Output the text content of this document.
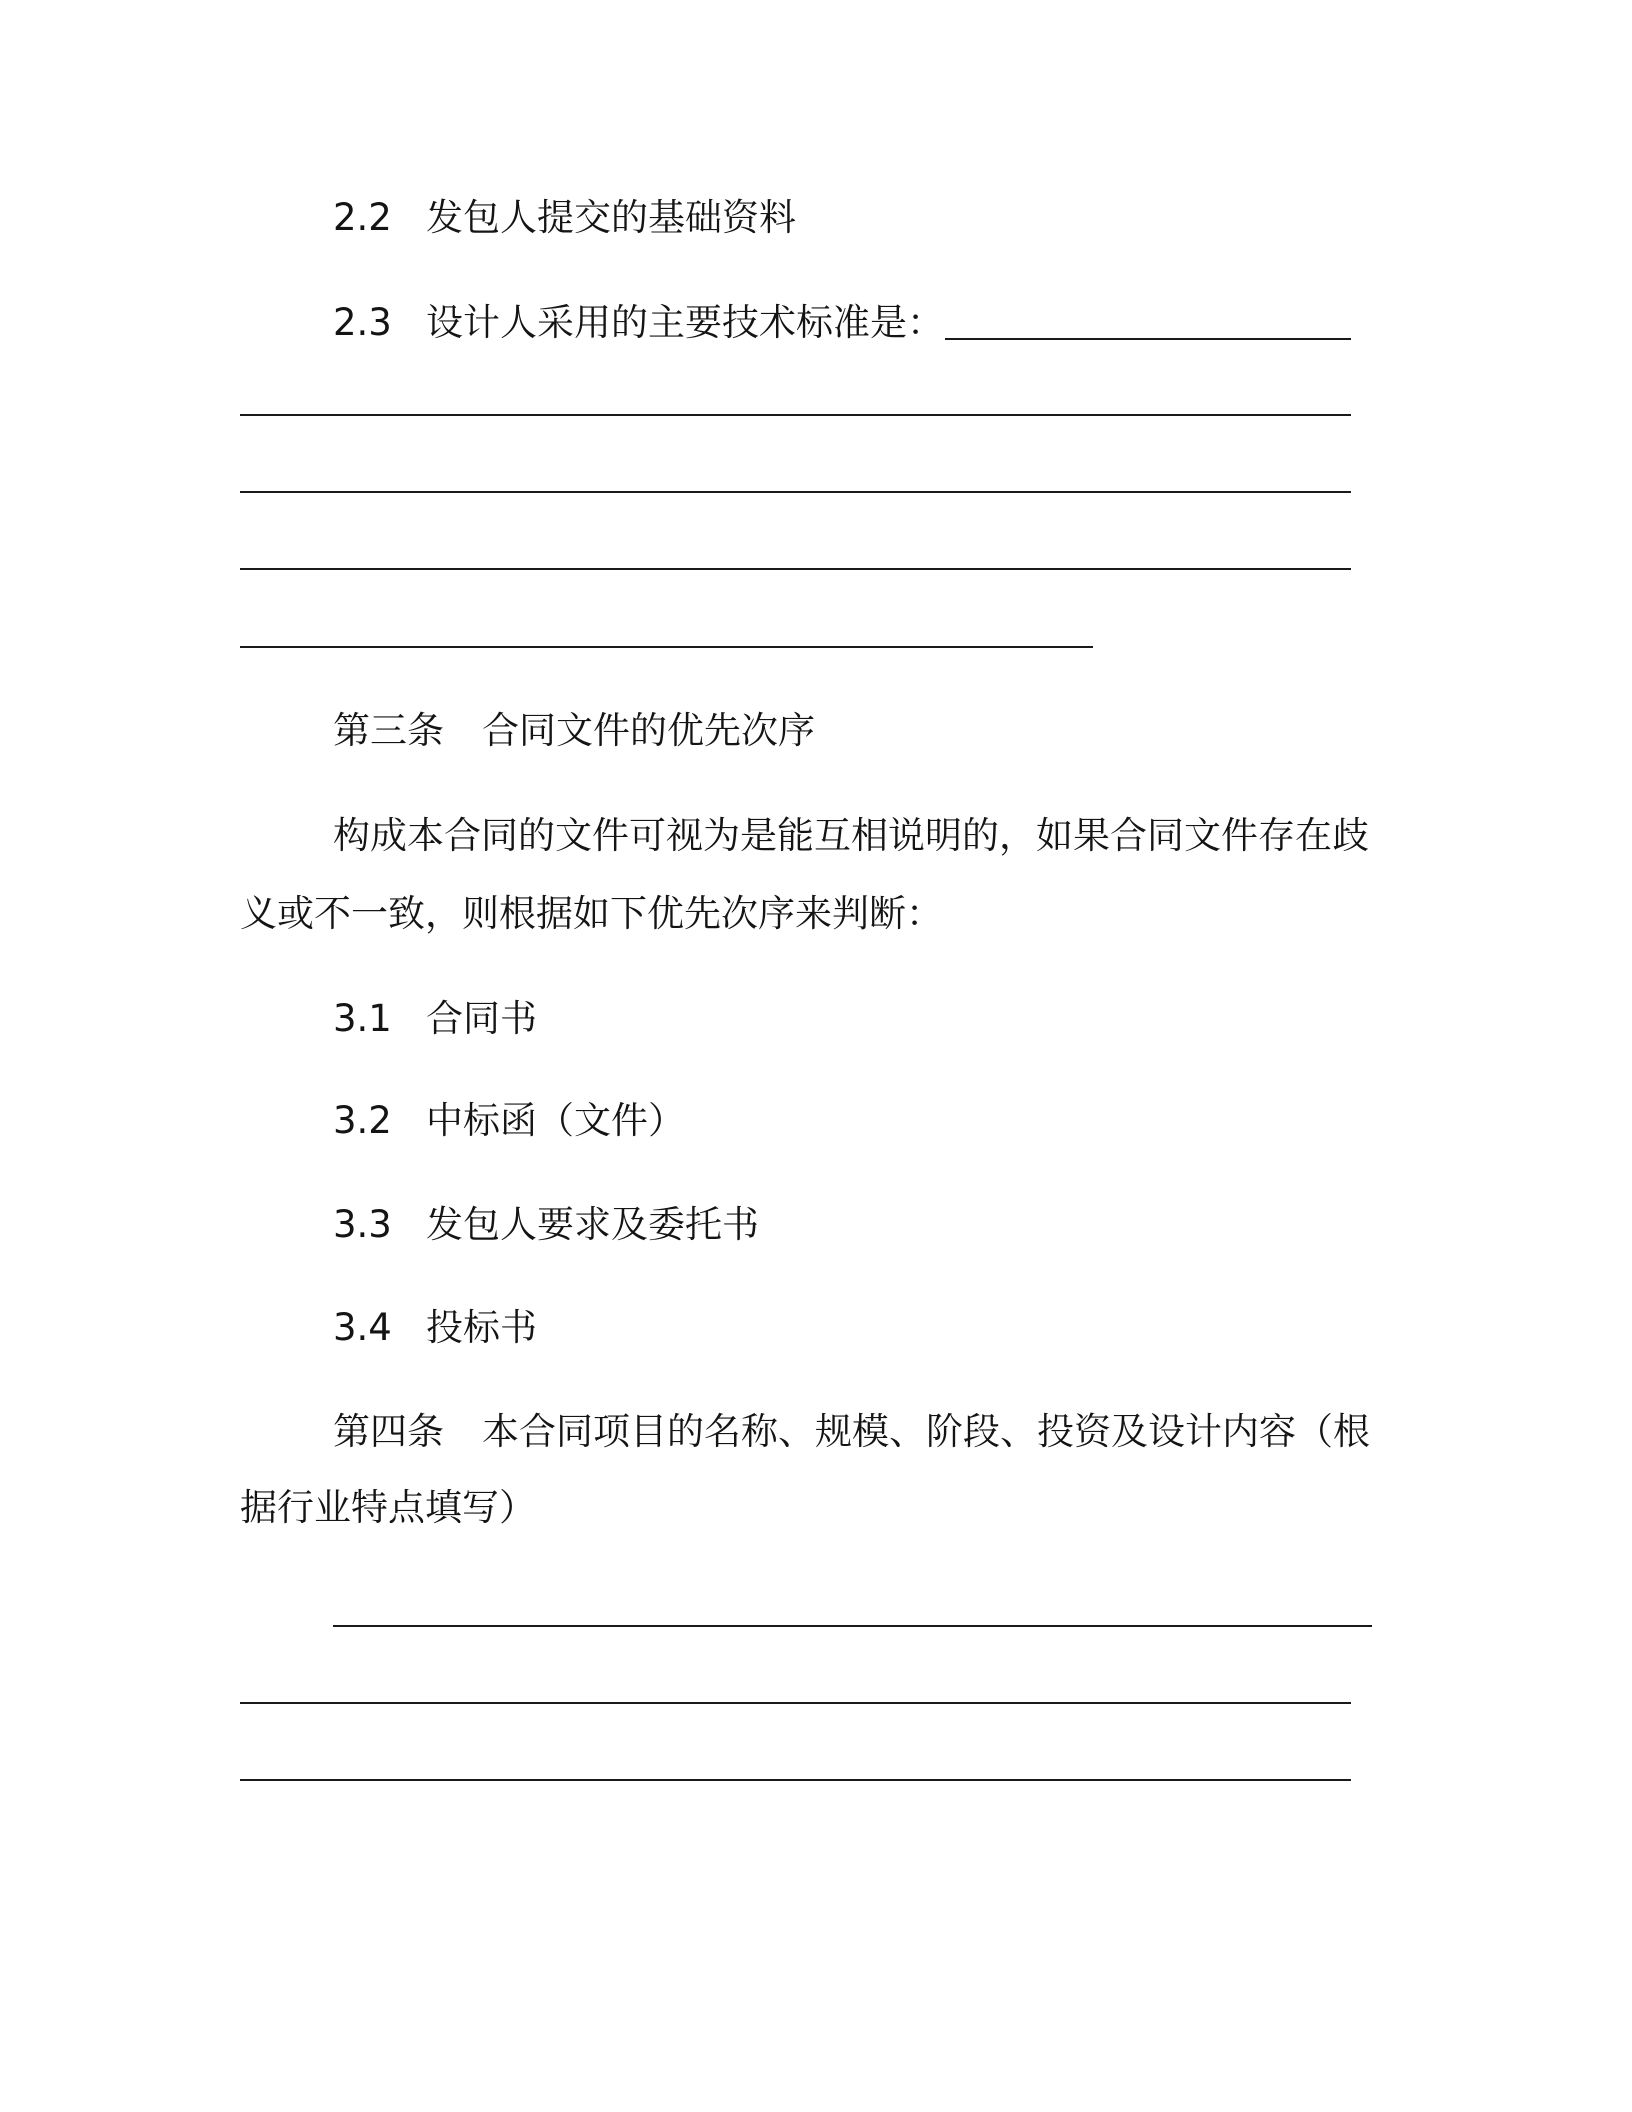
2.2 发包人提交的基础资料
2.3 设计人采用的主要技术标准是：
第三条 合同文件的优先次序
构成本合同的文件可视为是能互相说明的，如果合同文件存在歧
义或不一致，则根据如下优先次序来判断：
3.1 合同书
3.2 中标函（文件）
3.3 发包人要求及委托书
3.4 投标书
第四条 本合同项目的名称、规模、阶段、投资及设计内容（根
据行业特点填写）
